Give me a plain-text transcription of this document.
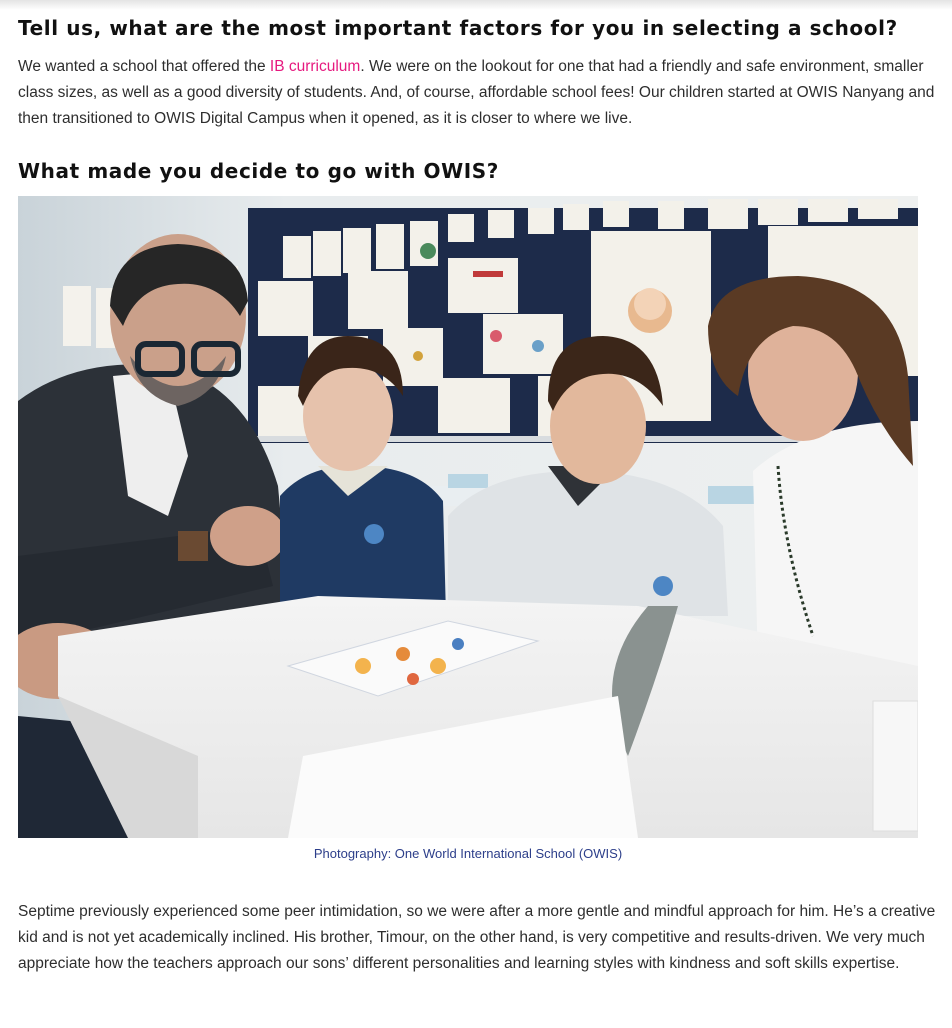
Tell us, what are the most important factors for you in selecting a school?

We wanted a school that offered the IB curriculum. We were on the lookout for one that had a friendly and safe environment, smaller class sizes, as well as a good diversity of students. And, of course, affordable school fees! Our children started at OWIS Nanyang and then transitioned to OWIS Digital Campus when it opened, as it is closer to where we live.

What made you decide to go with OWIS?
Photography: One World International School (OWIS)

Septime previously experienced some peer intimidation, so we were after a more gentle and mindful approach for him. He’s a creative kid and is not yet academically inclined. His brother, Timour, on the other hand, is very competitive and results-driven. We very much appreciate how the teachers approach our sons’ different personalities and learning styles with kindness and soft skills expertise.
